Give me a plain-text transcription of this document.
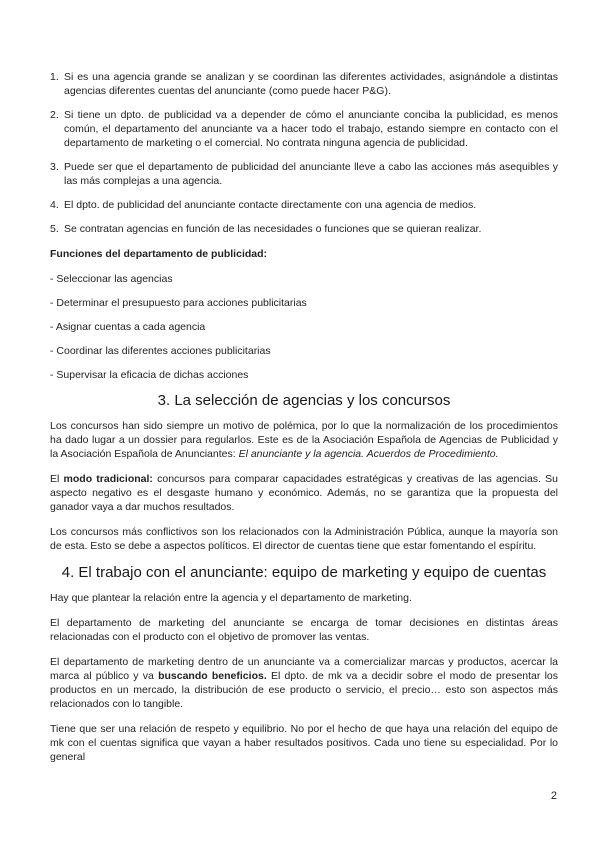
1. Si es una agencia grande se analizan y se coordinan las diferentes actividades, asignándole a distintas agencias diferentes cuentas del anunciante (como puede hacer P&G).
2. Si tiene un dpto. de publicidad va a depender de cómo el anunciante conciba la publicidad, es menos común, el departamento del anunciante va a hacer todo el trabajo, estando siempre en contacto con el departamento de marketing o el comercial. No contrata ninguna agencia de publicidad.
3. Puede ser que el departamento de publicidad del anunciante lleve a cabo las acciones más asequibles y las más complejas a una agencia.
4. El dpto. de publicidad del anunciante contacte directamente con una agencia de medios.
5. Se contratan agencias en función de las necesidades o funciones que se quieran realizar.
Funciones del departamento de publicidad:
- Seleccionar las agencias
- Determinar el presupuesto para acciones publicitarias
- Asignar cuentas a cada agencia
- Coordinar las diferentes acciones publicitarias
- Supervisar la eficacia de dichas acciones
3. La selección de agencias y los concursos

Los concursos han sido siempre un motivo de polémica, por lo que la normalización de los procedimientos ha dado lugar a un dossier para regularlos. Este es de la Asociación Española de Agencias de Publicidad y la Asociación Española de Anunciantes: El anunciante y la agencia. Acuerdos de Procedimiento.

El modo tradicional: concursos para comparar capacidades estratégicas y creativas de las agencias. Su aspecto negativo es el desgaste humano y económico. Además, no se garantiza que la propuesta del ganador vaya a dar muchos resultados.

Los concursos más conflictivos son los relacionados con la Administración Pública, aunque la mayoría son de esta. Esto se debe a aspectos políticos. El director de cuentas tiene que estar fomentando el espíritu.

4. El trabajo con el anunciante: equipo de marketing y equipo de cuentas

Hay que plantear la relación entre la agencia y el departamento de marketing.

El departamento de marketing del anunciante se encarga de tomar decisiones en distintas áreas relacionadas con el producto con el objetivo de promover las ventas.

El departamento de marketing dentro de un anunciante va a comercializar marcas y productos, acercar la marca al público y va buscando beneficios. El dpto. de mk va a decidir sobre el modo de presentar los productos en un mercado, la distribución de ese producto o servicio, el precio… esto son aspectos más relacionados con lo tangible.

Tiene que ser una relación de respeto y equilibrio. No por el hecho de que haya una relación del equipo de mk con el cuentas significa que vayan a haber resultados positivos. Cada uno tiene su especialidad. Por lo general

2
